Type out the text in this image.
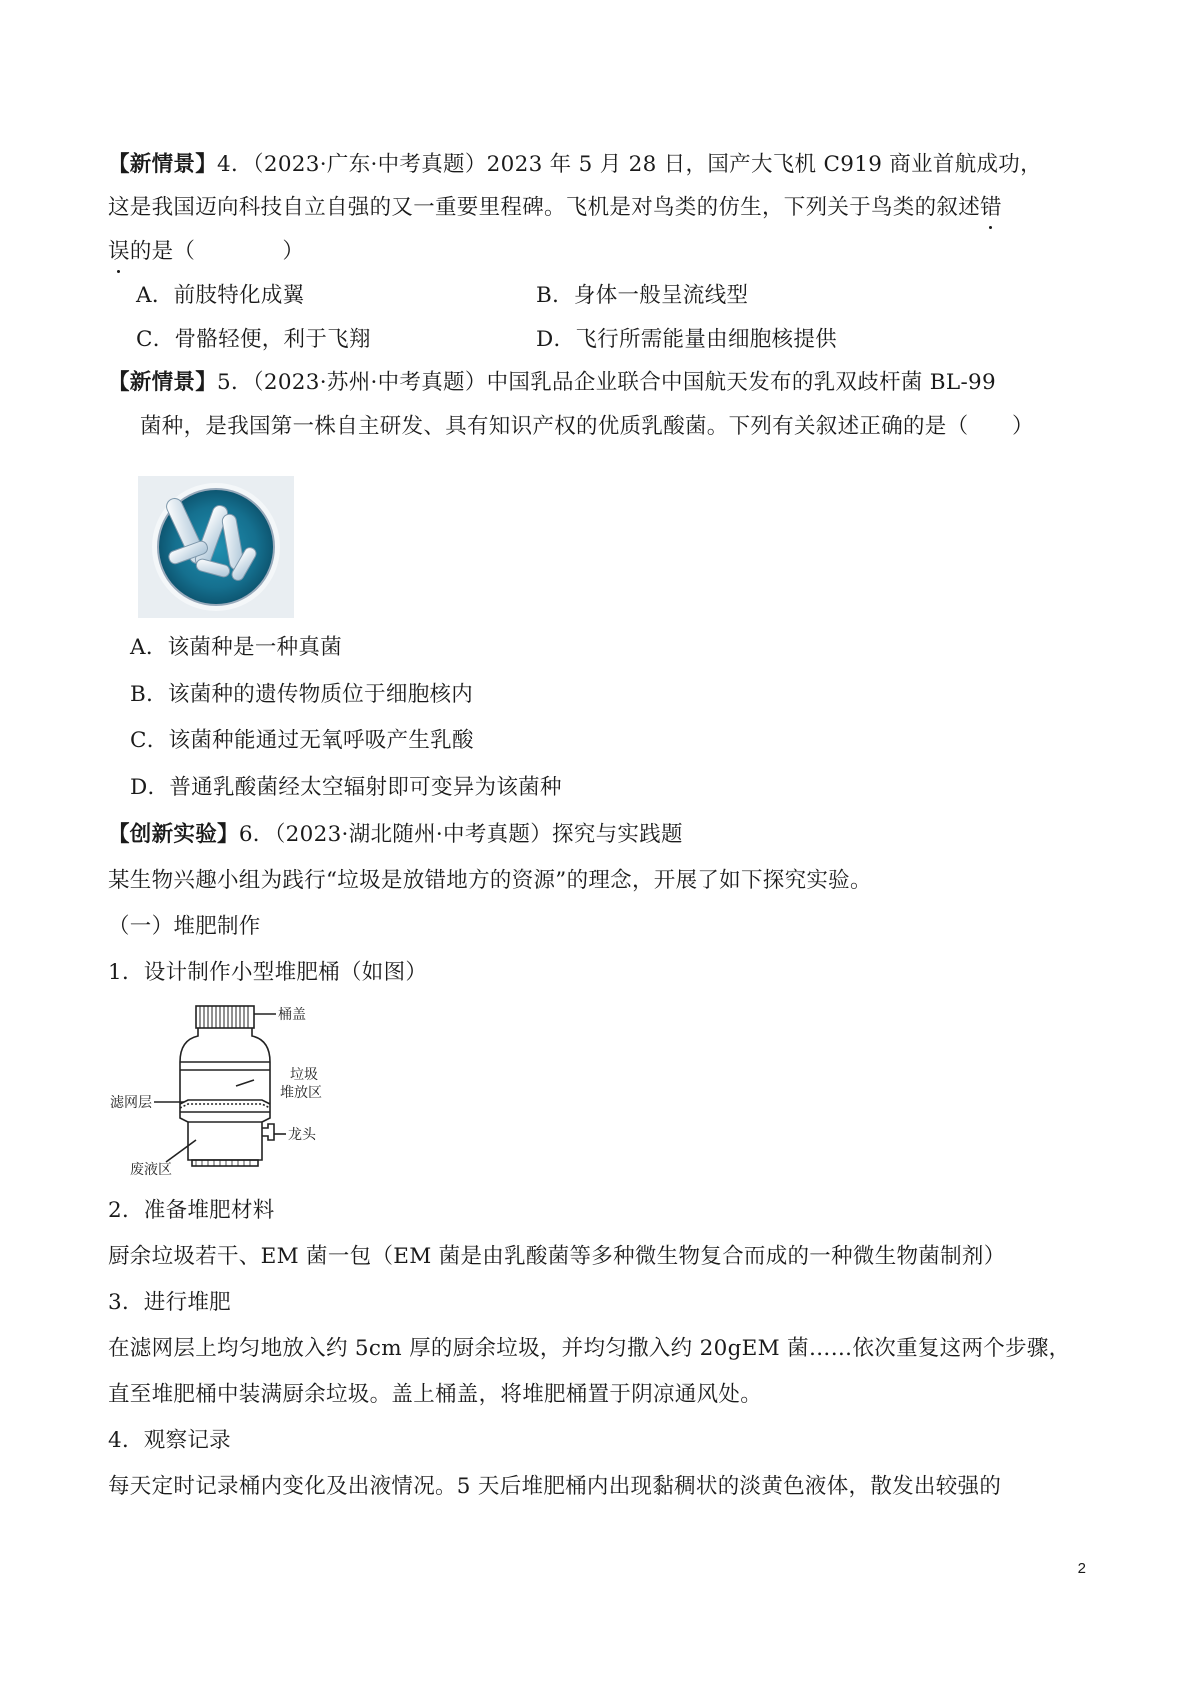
【新情景】4．（2023·广东·中考真题）2023 年 5 月 28 日，国产大飞机 C919 商业首航成功，
这是我国迈向科技自立自强的又一重要里程碑。飞机是对鸟类的仿生，下列关于鸟类的叙述错
误的是（　　　　）
A．前肢特化成翼	B．身体一般呈流线型
C．骨骼轻便，利于飞翔	D．飞行所需能量由细胞核提供
【新情景】5．（2023·苏州·中考真题）中国乳品企业联合中国航天发布的乳双歧杆菌 BL-99
菌种，是我国第一株自主研发、具有知识产权的优质乳酸菌。下列有关叙述正确的是（　　）
A．该菌种是一种真菌
B．该菌种的遗传物质位于细胞核内
C．该菌种能通过无氧呼吸产生乳酸
D．普通乳酸菌经太空辐射即可变异为该菌种
【创新实验】6．（2023·湖北随州·中考真题）探究与实践题
某生物兴趣小组为践行“垃圾是放错地方的资源”的理念，开展了如下探究实验。
（一）堆肥制作
1．设计制作小型堆肥桶（如图）
桶盖
垃圾
堆放区
滤网层
龙头
废液区
2．准备堆肥材料
厨余垃圾若干、EM 菌一包（EM 菌是由乳酸菌等多种微生物复合而成的一种微生物菌制剂）
3．进行堆肥
在滤网层上均匀地放入约 5cm 厚的厨余垃圾，并均匀撒入约 20gEM 菌……依次重复这两个步骤，
直至堆肥桶中装满厨余垃圾。盖上桶盖，将堆肥桶置于阴凉通风处。
4．观察记录
每天定时记录桶内变化及出液情况。5 天后堆肥桶内出现黏稠状的淡黄色液体，散发出较强的
2
